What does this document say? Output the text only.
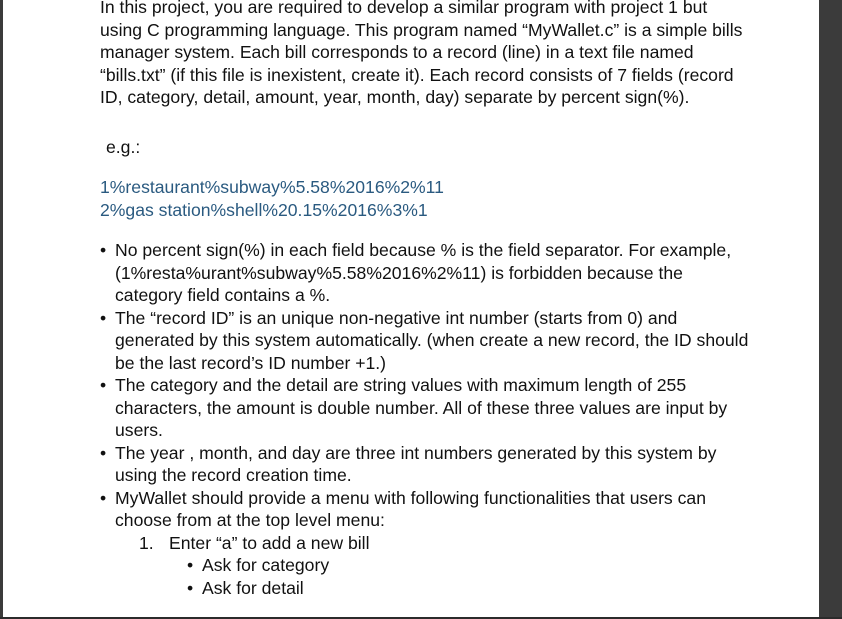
In this project, you are required to develop a similar program with project 1 but using C programming language. This program named “MyWallet.c” is a simple bills manager system. Each bill corresponds to a record (line) in a text file named “bills.txt” (if this file is inexistent, create it). Each record consists of 7 fields (record ID, category, detail, amount, year, month, day) separate by percent sign(%).

e.g.:

1%restaurant%subway%5.58%2016%2%11

2%gas station%shell%20.15%2016%3%1

• No percent sign(%) in each field because % is the field separator. For example, (1%resta%urant%subway%5.58%2016%2%11) is forbidden because the category field contains a %.
• The “record ID” is an unique non-negative int number (starts from 0) and generated by this system automatically. (when create a new record, the ID should be the last record’s ID number +1.)
• The category and the detail are string values with maximum length of 255 characters, the amount is double number. All of these three values are input by users.
• The year , month, and day are three int numbers generated by this system by using the record creation time.
• MyWallet should provide a menu with following functionalities that users can choose from at the top level menu:
1. Enter “a” to add a new bill
• Ask for category
• Ask for detail
